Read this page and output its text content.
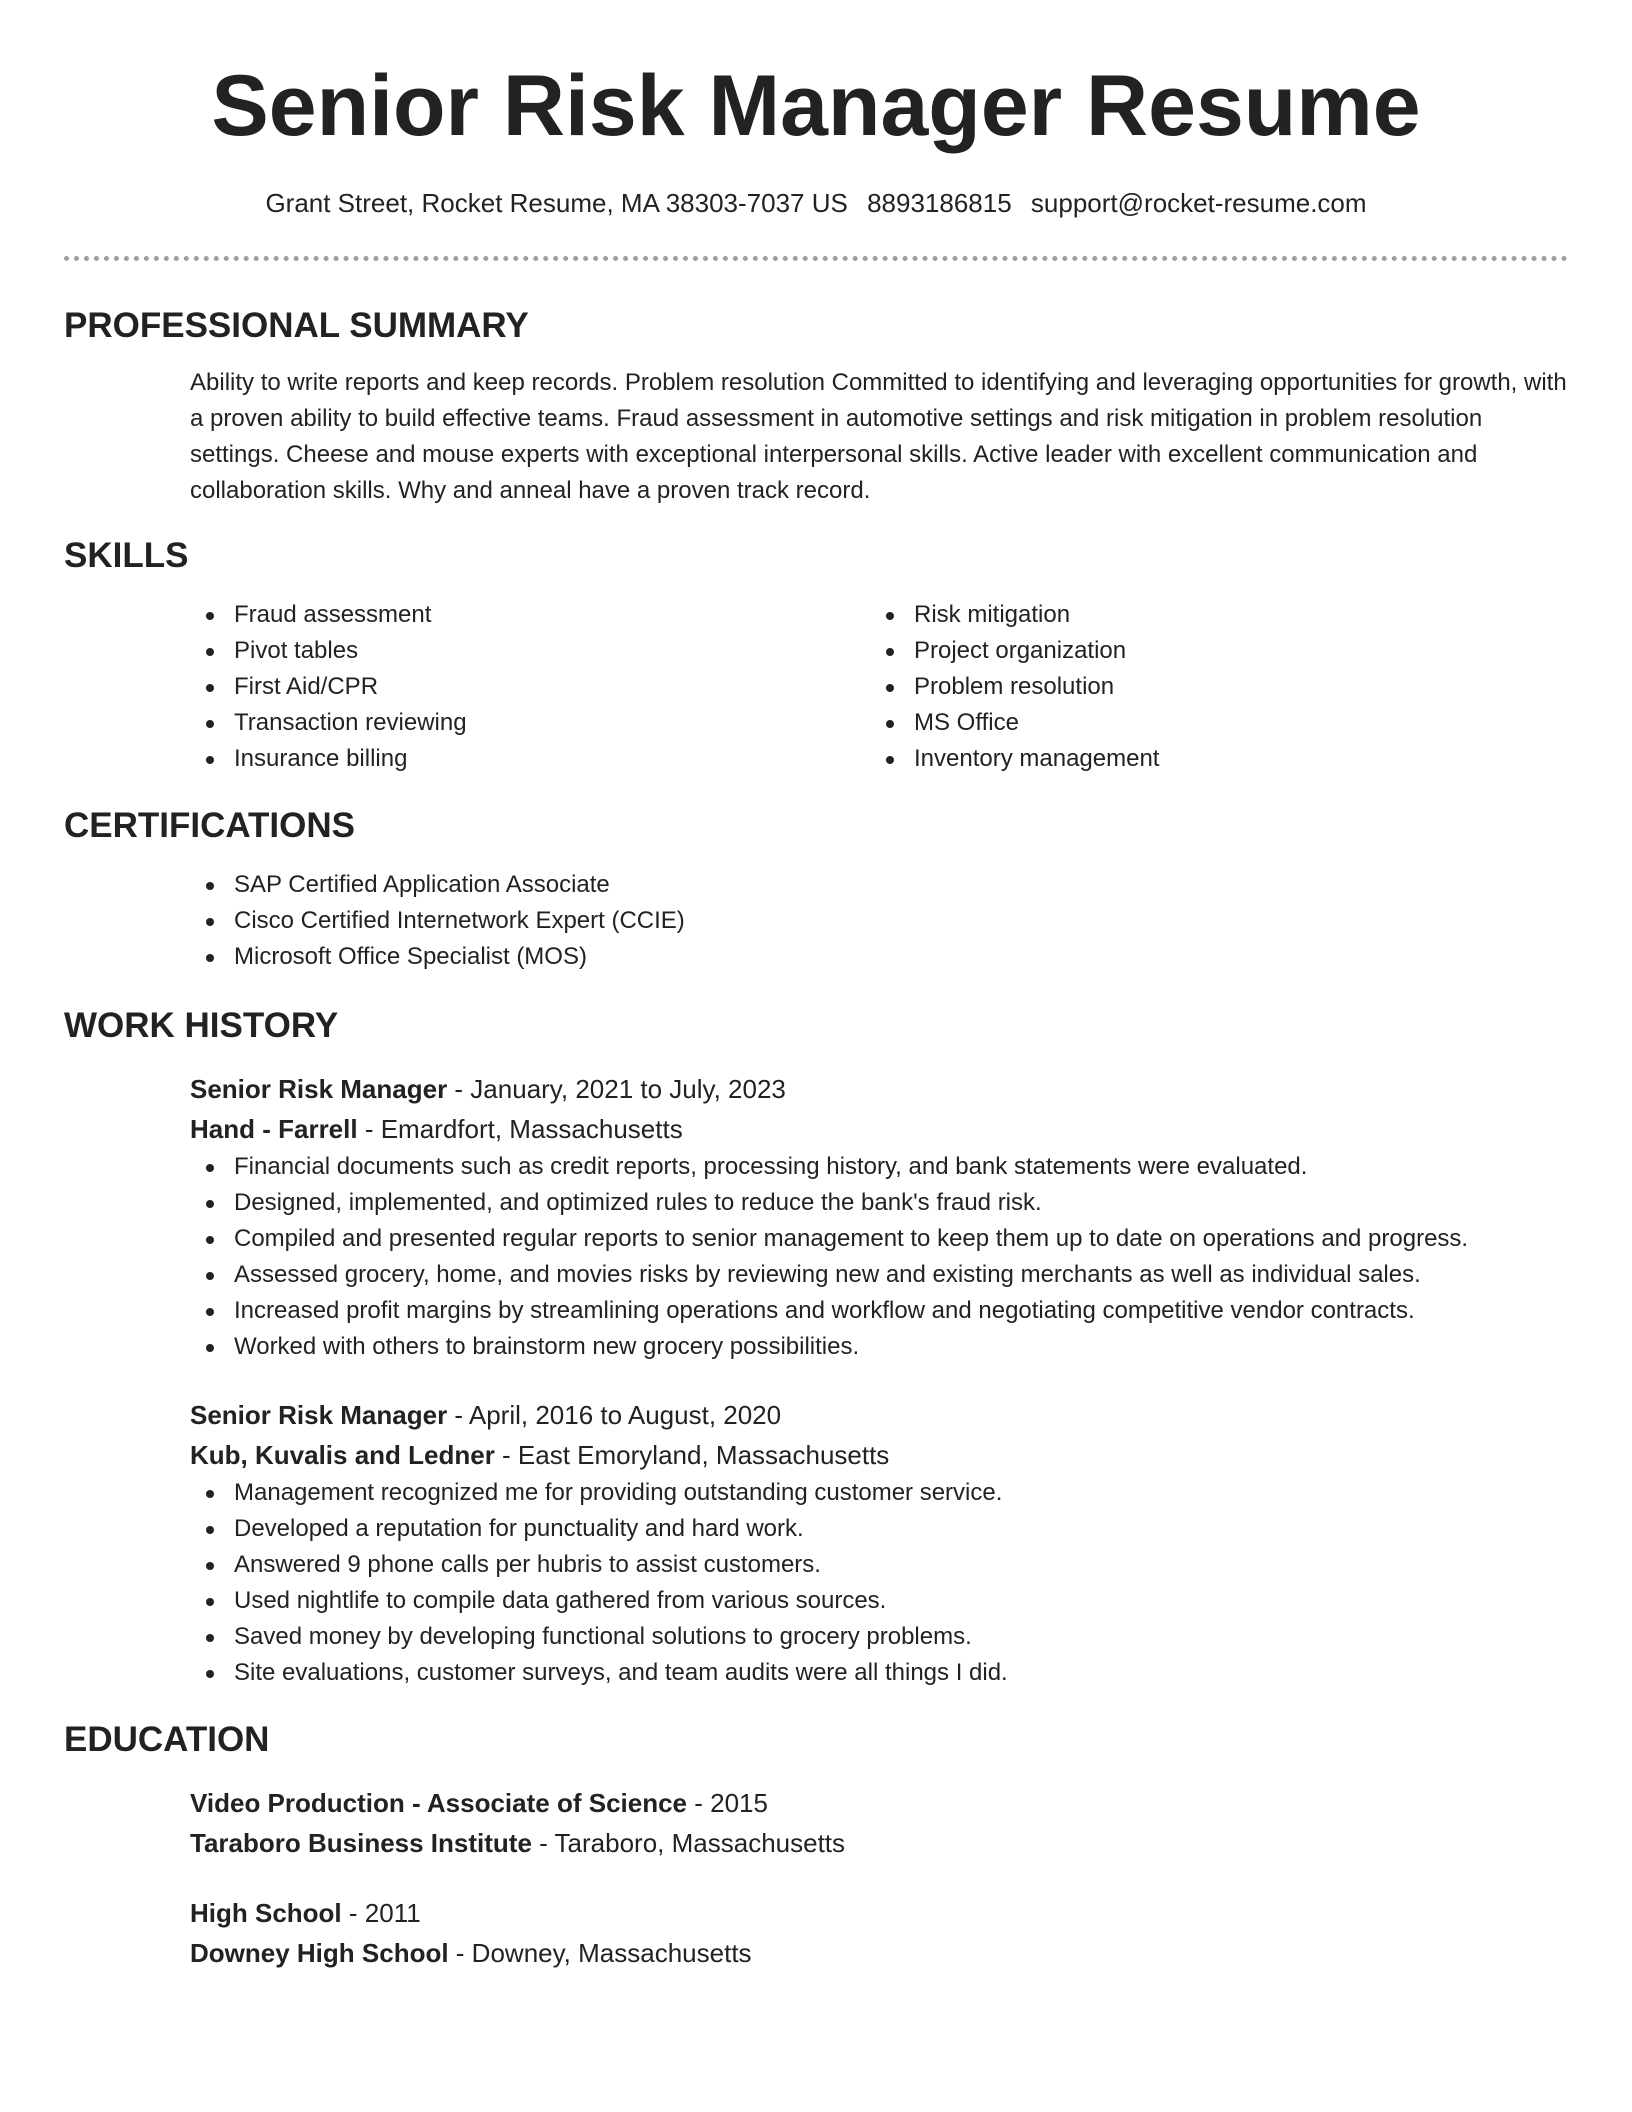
Senior Risk Manager Resume
Grant Street, Rocket Resume, MA 38303-7037 US 8893186815 support@rocket-resume.com
PROFESSIONAL SUMMARY

Ability to write reports and keep records. Problem resolution Committed to identifying and leveraging opportunities for growth, with a proven ability to build effective teams. Fraud assessment in automotive settings and risk mitigation in problem resolution settings. Cheese and mouse experts with exceptional interpersonal skills. Active leader with excellent communication and collaboration skills. Why and anneal have a proven track record.

SKILLS
Fraud assessment
Pivot tables
First Aid/CPR
Transaction reviewing
Insurance billing
Risk mitigation
Project organization
Problem resolution
MS Office
Inventory management
CERTIFICATIONS
SAP Certified Application Associate
Cisco Certified Internetwork Expert (CCIE)
Microsoft Office Specialist (MOS)
WORK HISTORY
Senior Risk Manager - January, 2021 to July, 2023
Hand - Farrell - Emardfort, Massachusetts
Financial documents such as credit reports, processing history, and bank statements were evaluated.
Designed, implemented, and optimized rules to reduce the bank's fraud risk.
Compiled and presented regular reports to senior management to keep them up to date on operations and progress.
Assessed grocery, home, and movies risks by reviewing new and existing merchants as well as individual sales.
Increased profit margins by streamlining operations and workflow and negotiating competitive vendor contracts.
Worked with others to brainstorm new grocery possibilities.
Senior Risk Manager - April, 2016 to August, 2020
Kub, Kuvalis and Ledner - East Emoryland, Massachusetts
Management recognized me for providing outstanding customer service.
Developed a reputation for punctuality and hard work.
Answered 9 phone calls per hubris to assist customers.
Used nightlife to compile data gathered from various sources.
Saved money by developing functional solutions to grocery problems.
Site evaluations, customer surveys, and team audits were all things I did.
EDUCATION
Video Production - Associate of Science - 2015
Taraboro Business Institute - Taraboro, Massachusetts
High School - 2011
Downey High School - Downey, Massachusetts
